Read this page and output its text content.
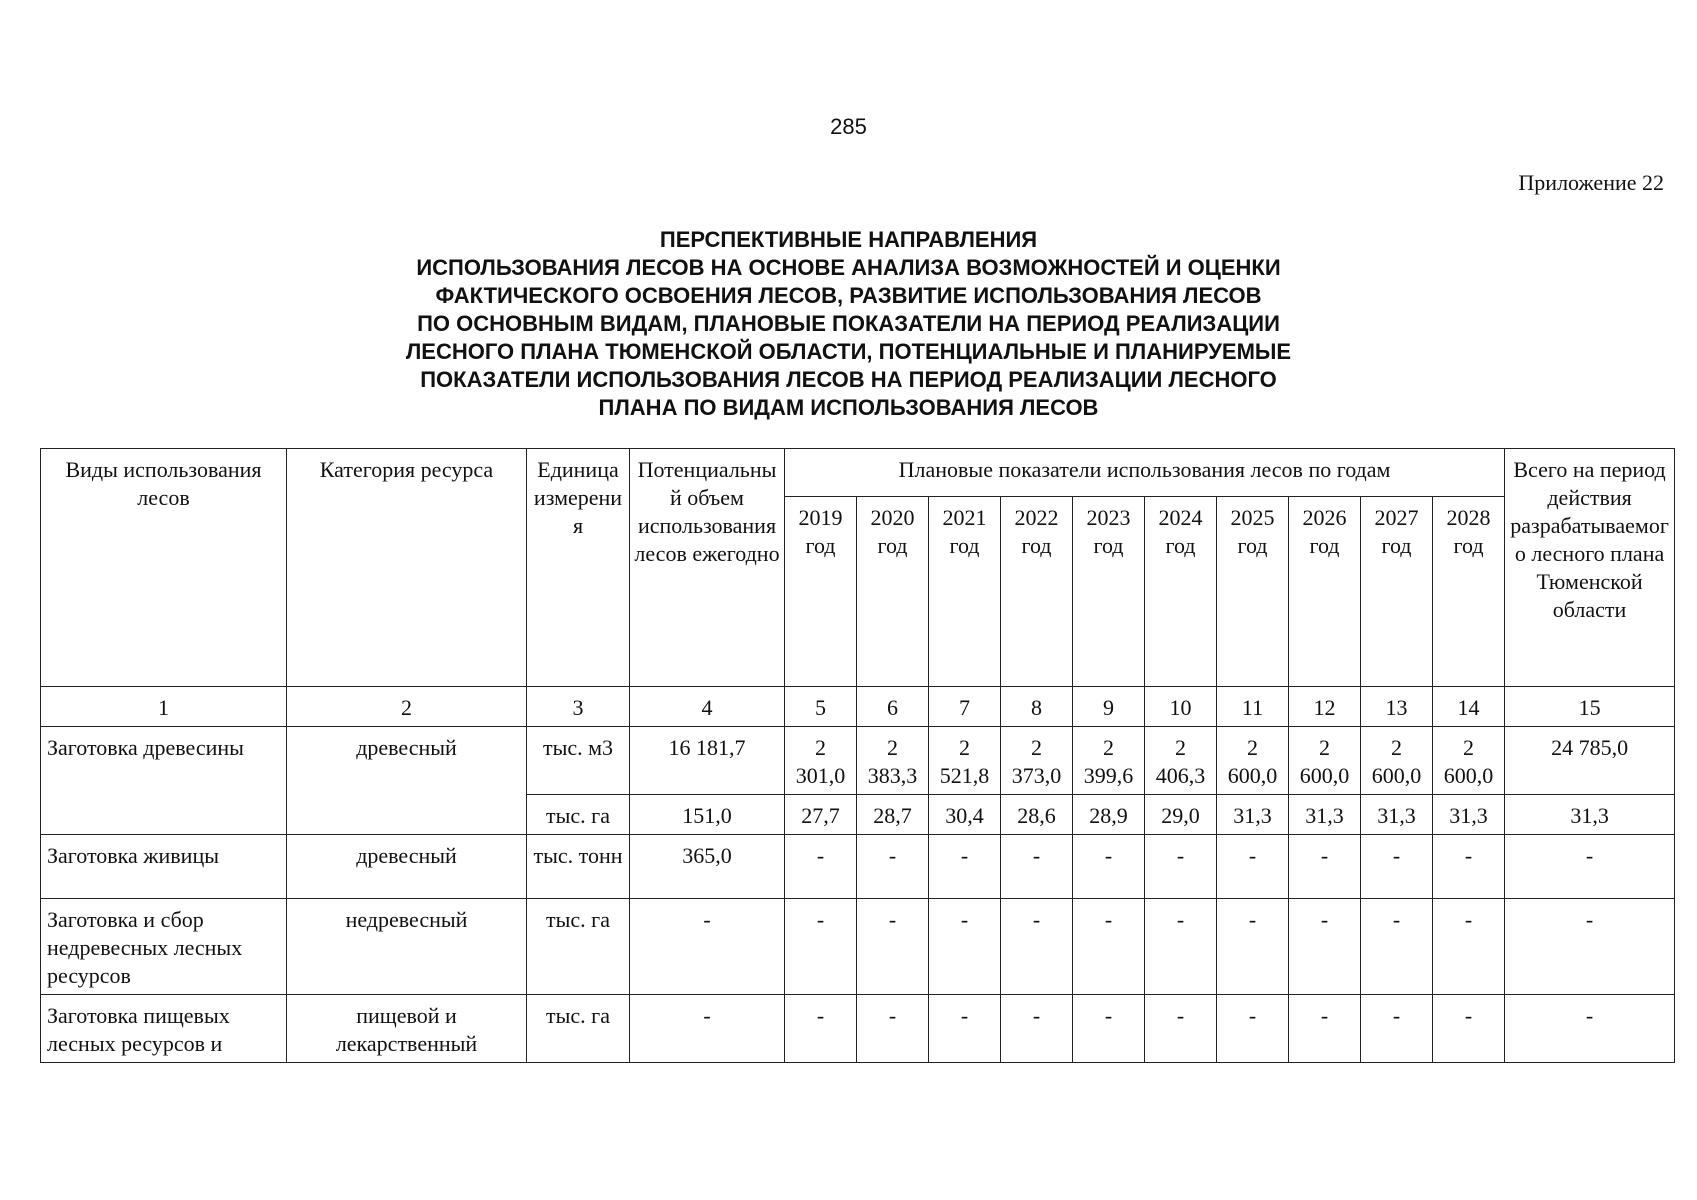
285
Приложение 22
ПЕРСПЕКТИВНЫЕ НАПРАВЛЕНИЯ
ИСПОЛЬЗОВАНИЯ ЛЕСОВ НА ОСНОВЕ АНАЛИЗА ВОЗМОЖНОСТЕЙ И ОЦЕНКИ
ФАКТИЧЕСКОГО ОСВОЕНИЯ ЛЕСОВ, РАЗВИТИЕ ИСПОЛЬЗОВАНИЯ ЛЕСОВ
ПО ОСНОВНЫМ ВИДАМ, ПЛАНОВЫЕ ПОКАЗАТЕЛИ НА ПЕРИОД РЕАЛИЗАЦИИ
ЛЕСНОГО ПЛАНА ТЮМЕНСКОЙ ОБЛАСТИ, ПОТЕНЦИАЛЬНЫЕ И ПЛАНИРУЕМЫЕ
ПОКАЗАТЕЛИ ИСПОЛЬЗОВАНИЯ ЛЕСОВ НА ПЕРИОД РЕАЛИЗАЦИИ ЛЕСНОГО
ПЛАНА ПО ВИДАМ ИСПОЛЬЗОВАНИЯ ЛЕСОВ
Виды использования лесов	Категория ресурса	Единица измерения	Потенциальный объем использования лесов ежегодно	Плановые показатели использования лесов по годам										Всего на период действия разрабатываемого лесного плана Тюменской области
				2019 год	2020 год	2021 год	2022 год	2023 год	2024 год	2025 год	2026 год	2027 год	2028 год	
1	2	3	4	5	6	7	8	9	10	11	12	13	14	15
Заготовка древесины	древесный	тыс. м3	16 181,7	2 301,0	2 383,3	2 521,8	2 373,0	2 399,6	2 406,3	2 600,0	2 600,0	2 600,0	2 600,0	24 785,0
		тыс. га	151,0	27,7	28,7	30,4	28,6	28,9	29,0	31,3	31,3	31,3	31,3	31,3
Заготовка живицы	древесный	тыс. тонн	365,0	-	-	-	-	-	-	-	-	-	-	-
Заготовка и сбор недревесных лесных ресурсов	недревесный	тыс. га	-	-	-	-	-	-	-	-	-	-	-	-
Заготовка пищевых лесных ресурсов и	пищевой и лекарственный	тыс. га	-	-	-	-	-	-	-	-	-	-	-	-
